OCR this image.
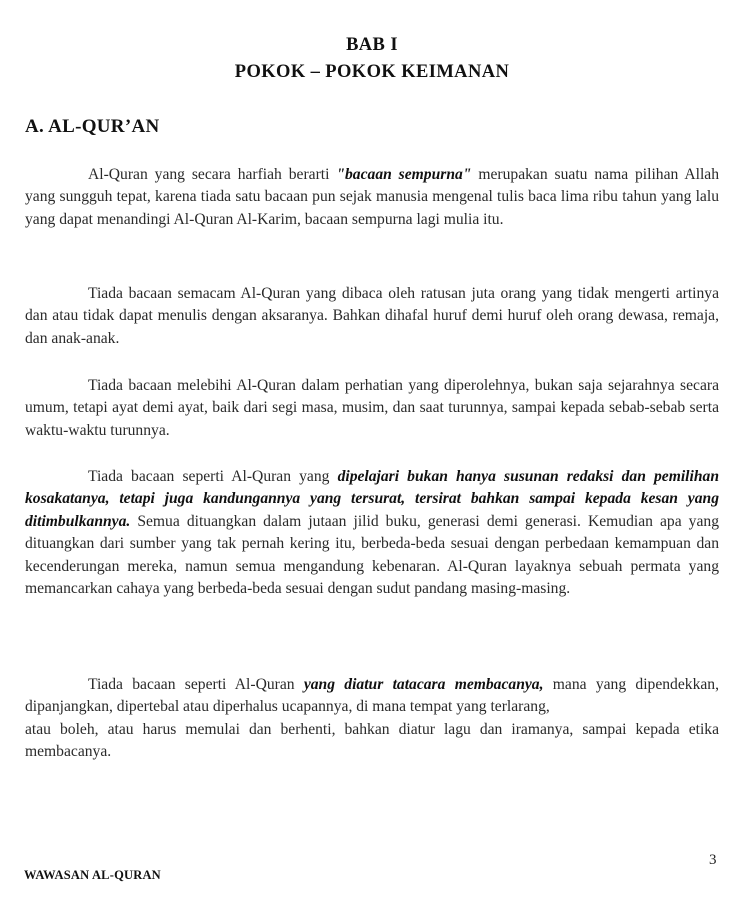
BAB I
POKOK – POKOK KEIMANAN
A. AL-QUR’AN
Al-Quran yang secara harfiah berarti "bacaan sempurna" merupakan suatu nama pilihan Allah yang sungguh tepat, karena tiada satu bacaan pun sejak manusia mengenal tulis baca lima ribu tahun yang lalu yang dapat menandingi Al-Quran Al-Karim, bacaan sempurna lagi mulia itu.
Tiada bacaan semacam Al-Quran yang dibaca oleh ratusan juta orang yang tidak mengerti artinya dan atau tidak dapat menulis dengan aksaranya. Bahkan dihafal huruf demi huruf oleh orang dewasa, remaja, dan anak-anak.
Tiada bacaan melebihi Al-Quran dalam perhatian yang diperolehnya, bukan saja sejarahnya secara umum, tetapi ayat demi ayat, baik dari segi masa, musim, dan saat turunnya, sampai kepada sebab-sebab serta waktu-waktu turunnya.
Tiada bacaan seperti Al-Quran yang dipelajari bukan hanya susunan redaksi dan pemilihan kosakatanya, tetapi juga kandungannya yang tersurat, tersirat bahkan sampai kepada kesan yang ditimbulkannya. Semua dituangkan dalam jutaan jilid buku, generasi demi generasi. Kemudian apa yang dituangkan dari sumber yang tak pernah kering itu, berbeda-beda sesuai dengan perbedaan kemampuan dan kecenderungan mereka, namun semua mengandung kebenaran. Al-Quran layaknya sebuah permata yang memancarkan cahaya yang berbeda-beda sesuai dengan sudut pandang masing-masing.
Tiada bacaan seperti Al-Quran yang diatur tatacara membacanya, mana yang dipendekkan, dipanjangkan, dipertebal atau diperhalus ucapannya, di mana tempat yang terlarang,
atau boleh, atau harus memulai dan berhenti, bahkan diatur lagu dan iramanya, sampai kepada etika membacanya.
3
WAWASAN AL-QURAN
